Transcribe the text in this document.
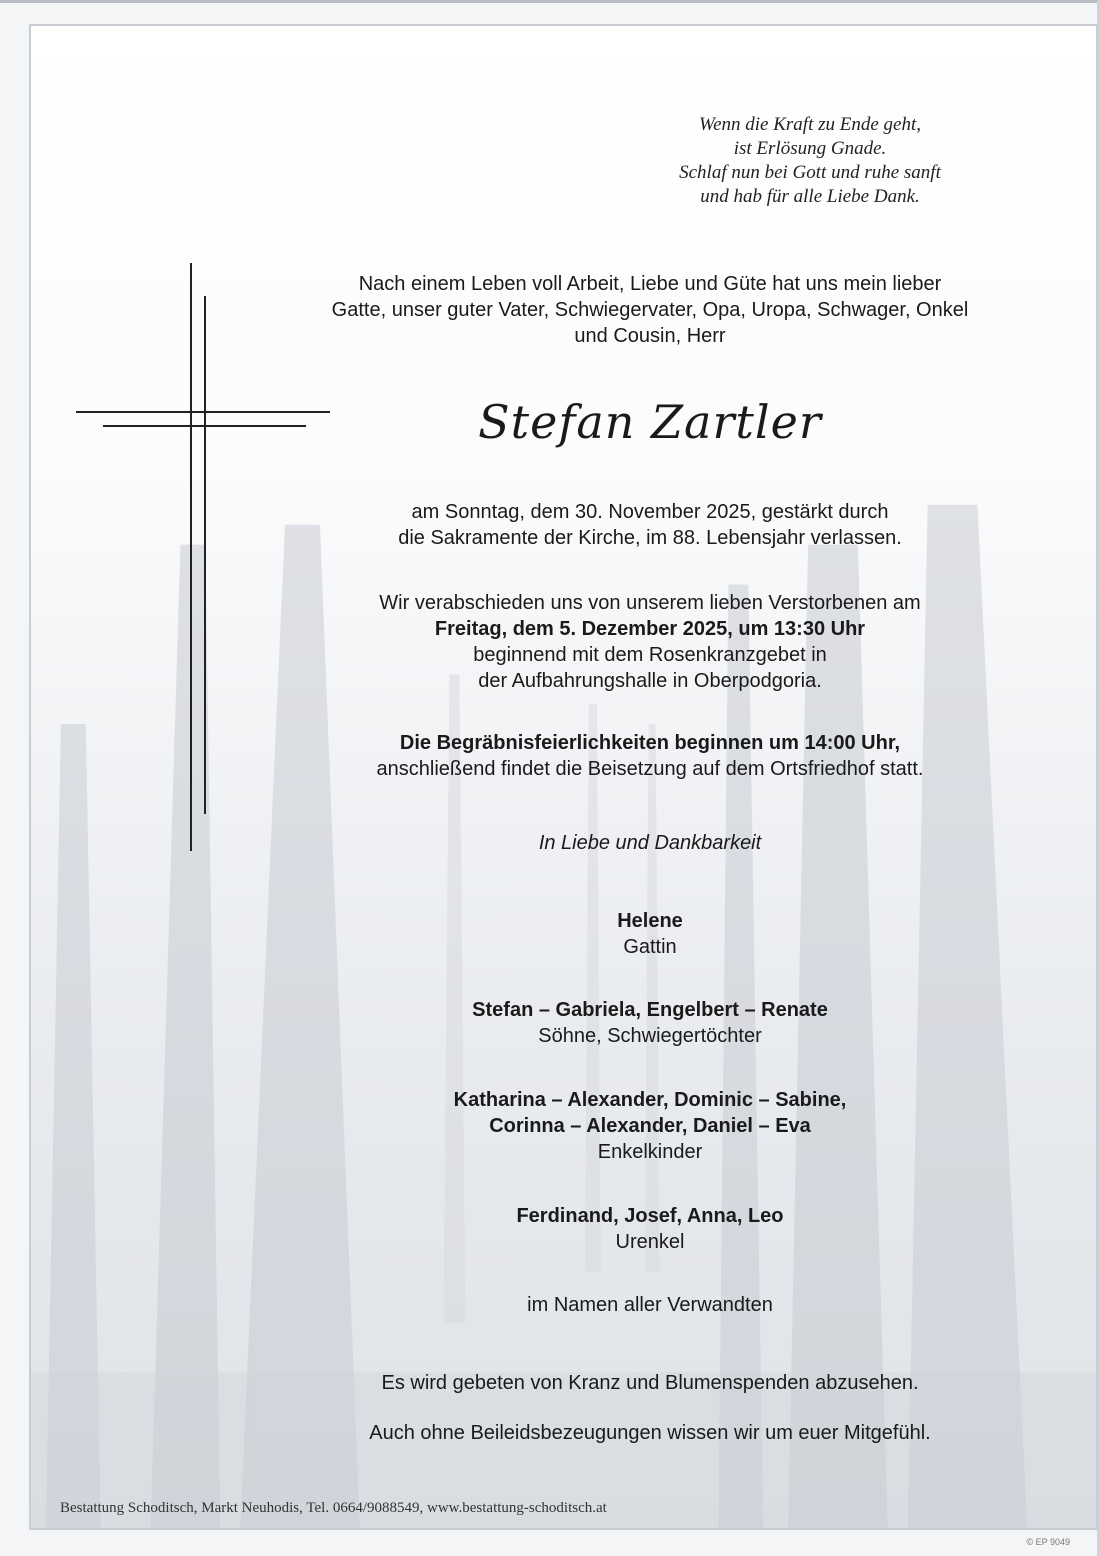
Wenn die Kraft zu Ende geht,
ist Erlösung Gnade.
Schlaf nun bei Gott und ruhe sanft
und hab für alle Liebe Dank.
Nach einem Leben voll Arbeit, Liebe und Güte hat uns mein lieber
Gatte, unser guter Vater, Schwiegervater, Opa, Uropa, Schwager, Onkel
und Cousin, Herr
Stefan Zartler
am Sonntag, dem 30. November 2025, gestärkt durch
die Sakramente der Kirche, im 88. Lebensjahr verlassen.
Wir verabschieden uns von unserem lieben Verstorbenen am
Freitag, dem 5. Dezember 2025, um 13:30 Uhr
beginnend mit dem Rosenkranzgebet in
der Aufbahrungshalle in Oberpodgoria.
Die Begräbnisfeierlichkeiten beginnen um 14:00 Uhr,
anschließend findet die Beisetzung auf dem Ortsfriedhof statt.
In Liebe und Dankbarkeit
Helene
Gattin
Stefan – Gabriela, Engelbert – Renate
Söhne, Schwiegertöchter
Katharina – Alexander, Dominic – Sabine,
Corinna – Alexander, Daniel – Eva
Enkelkinder
Ferdinand, Josef, Anna, Leo
Urenkel
im Namen aller Verwandten
Es wird gebeten von Kranz und Blumenspenden abzusehen.
Auch ohne Beileidsbezeugungen wissen wir um euer Mitgefühl.
Bestattung Schoditsch, Markt Neuhodis, Tel. 0664/9088549, www.bestattung-schoditsch.at
© EP 9049
